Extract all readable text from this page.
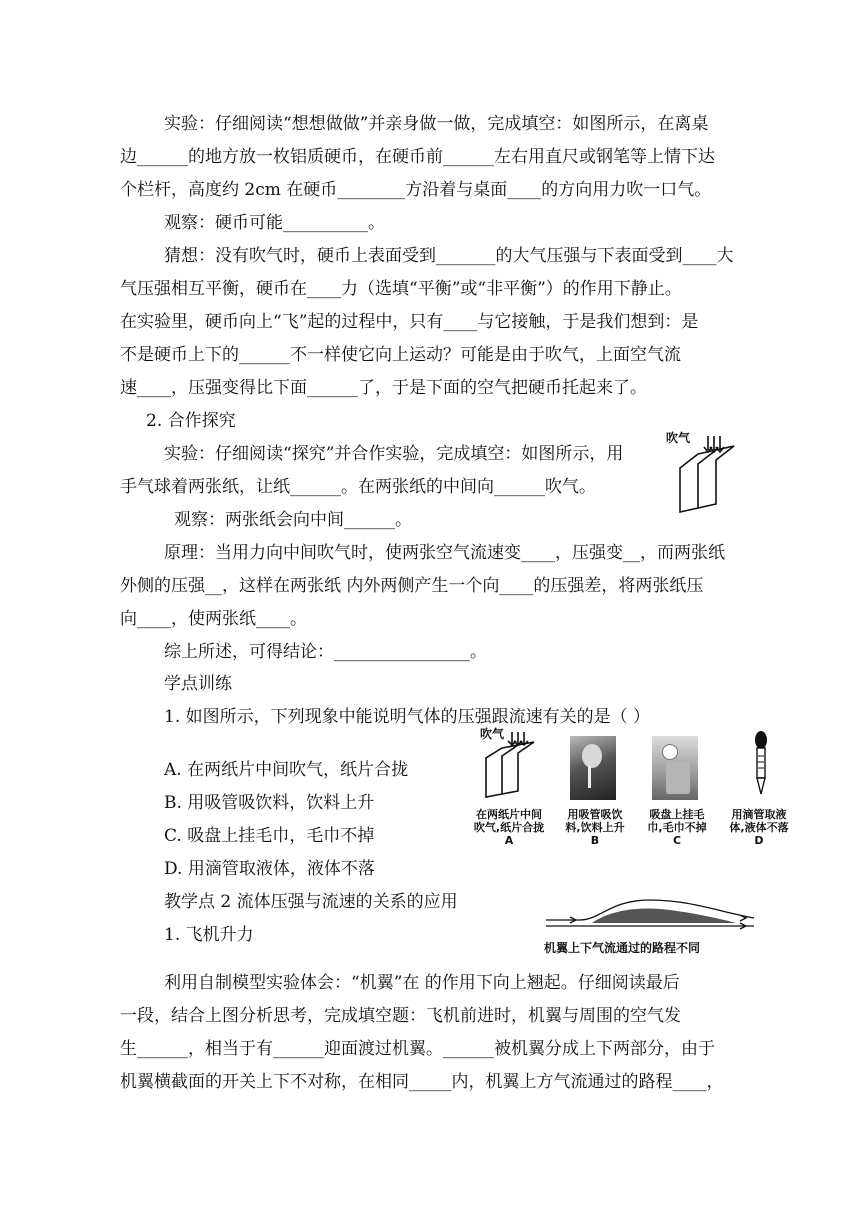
实验：仔细阅读“想想做做”并亲身做一做，完成填空：如图所示，在离桌
边______的地方放一枚铝质硬币，在硬币前______左右用直尺或钢笔等上情下达
个栏杆，高度约 2cm 在硬币________方沿着与桌面____的方向用力吹一口气。
观察：硬币可能__________。
猜想：没有吹气时，硬币上表面受到_______的大气压强与下表面受到____大
气压强相互平衡，硬币在____力（选填“平衡”或“非平衡”）的作用下静止。
在实验里，硬币向上“飞”起的过程中，只有____与它接触，于是我们想到：是
不是硬币上下的______不一样使它向上运动？可能是由于吹气，上面空气流
速____，压强变得比下面______了，于是下面的空气把硬币托起来了。
2. 合作探究
实验：仔细阅读“探究”并合作实验，完成填空：如图所示，用
手气球着两张纸，让纸______。在两张纸的中间向______吹气。
观察：两张纸会向中间______。
原理：当用力向中间吹气时，使两张空气流速变____，压强变__，而两张纸
外侧的压强__，这样在两张纸 内外两侧产生一个向____的压强差，将两张纸压
向____，使两张纸____。
综上所述，可得结论：________________。
学点训练
1. 如图所示，下列现象中能说明气体的压强跟流速有关的是（ ）
A. 在两纸片中间吹气，纸片合拢
B. 用吸管吸饮料，饮料上升
C. 吸盘上挂毛巾，毛巾不掉
D. 用滴管取液体，液体不落
教学点 2 流体压强与流速的关系的应用
1. 飞机升力
利用自制模型实验体会：“机翼”在 的作用下向上翘起。仔细阅读最后
一段，结合上图分析思考，完成填空题：飞机前进时，机翼与周围的空气发
生______，相当于有______迎面渡过机翼。______被机翼分成上下两部分，由于
机翼横截面的开关上下不对称，在相同_____内，机翼上方气流通过的路程____，
吹气
吹气
在两纸片中间
吹气,纸片合拢
A
用吸管吸饮
料,饮料上升
B
吸盘上挂毛
巾,毛巾不掉
C
用滴管取液
体,液体不落
D
机翼上下气流通过的路程不同
